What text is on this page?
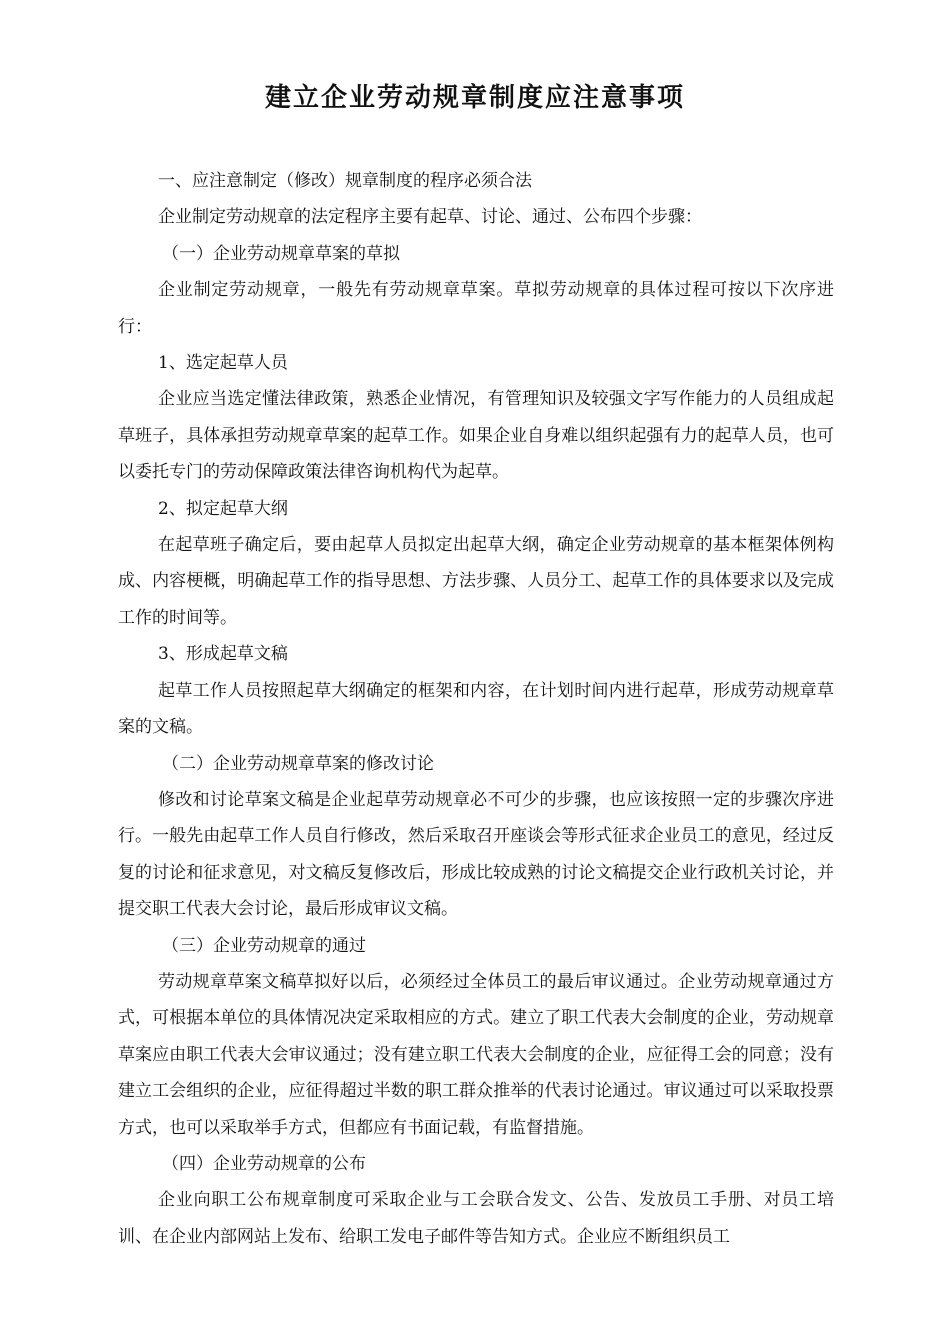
建立企业劳动规章制度应注意事项

一、应注意制定（修改）规章制度的程序必须合法

企业制定劳动规章的法定程序主要有起草、讨论、通过、公布四个步骤：

（一）企业劳动规章草案的草拟

企业制定劳动规章，一般先有劳动规章草案。草拟劳动规章的具体过程可按以下次序进行：

1、选定起草人员

企业应当选定懂法律政策，熟悉企业情况，有管理知识及较强文字写作能力的人员组成起草班子，具体承担劳动规章草案的起草工作。如果企业自身难以组织起强有力的起草人员，也可以委托专门的劳动保障政策法律咨询机构代为起草。

2、拟定起草大纲

在起草班子确定后，要由起草人员拟定出起草大纲，确定企业劳动规章的基本框架体例构成、内容梗概，明确起草工作的指导思想、方法步骤、人员分工、起草工作的具体要求以及完成工作的时间等。

3、形成起草文稿

起草工作人员按照起草大纲确定的框架和内容，在计划时间内进行起草，形成劳动规章草案的文稿。

（二）企业劳动规章草案的修改讨论

修改和讨论草案文稿是企业起草劳动规章必不可少的步骤，也应该按照一定的步骤次序进行。一般先由起草工作人员自行修改，然后采取召开座谈会等形式征求企业员工的意见，经过反复的讨论和征求意见，对文稿反复修改后，形成比较成熟的讨论文稿提交企业行政机关讨论，并提交职工代表大会讨论，最后形成审议文稿。

（三）企业劳动规章的通过

劳动规章草案文稿草拟好以后，必须经过全体员工的最后审议通过。企业劳动规章通过方式，可根据本单位的具体情况决定采取相应的方式。建立了职工代表大会制度的企业，劳动规章草案应由职工代表大会审议通过；没有建立职工代表大会制度的企业，应征得工会的同意；没有建立工会组织的企业，应征得超过半数的职工群众推举的代表讨论通过。审议通过可以采取投票方式，也可以采取举手方式，但都应有书面记载，有监督措施。

（四）企业劳动规章的公布

企业向职工公布规章制度可采取企业与工会联合发文、公告、发放员工手册、对员工培训、在企业内部网站上发布、给职工发电子邮件等告知方式。企业应不断组织员工
